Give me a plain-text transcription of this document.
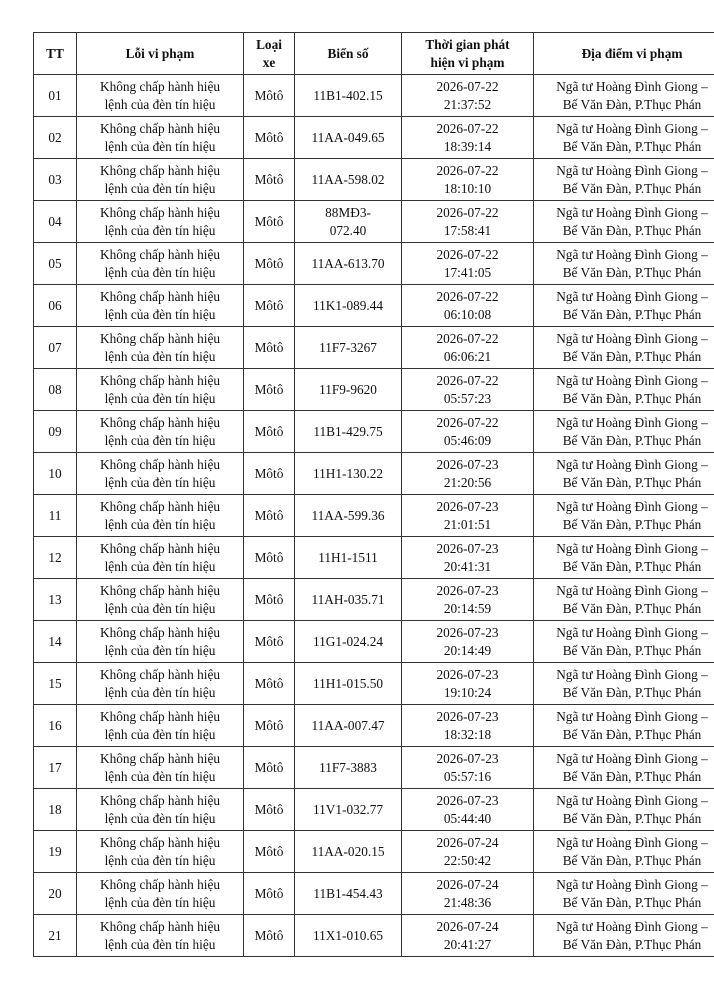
TT	Lỗi vi phạm	Loại
xe	Biển số	Thời gian phát
hiện vi phạm	Địa điểm vi phạm
01	Không chấp hành hiệu
lệnh của đèn tín hiệu	Môtô	11B1-402.15	2026-07-22
21:37:52	Ngã tư Hoàng Đình Giong –
Bế Văn Đàn, P.Thục Phán

02	Không chấp hành hiệu
lệnh của đèn tín hiệu	Môtô	11AA-049.65	2026-07-22
18:39:14	Ngã tư Hoàng Đình Giong –
Bế Văn Đàn, P.Thục Phán

03	Không chấp hành hiệu
lệnh của đèn tín hiệu	Môtô	11AA-598.02	2026-07-22
18:10:10	Ngã tư Hoàng Đình Giong –
Bế Văn Đàn, P.Thục Phán

04	Không chấp hành hiệu
lệnh của đèn tín hiệu	Môtô	88MĐ3-
072.40	2026-07-22
17:58:41	Ngã tư Hoàng Đình Giong –
Bế Văn Đàn, P.Thục Phán

05	Không chấp hành hiệu
lệnh của đèn tín hiệu	Môtô	11AA-613.70	2026-07-22
17:41:05	Ngã tư Hoàng Đình Giong –
Bế Văn Đàn, P.Thục Phán

06	Không chấp hành hiệu
lệnh của đèn tín hiệu	Môtô	11K1-089.44	2026-07-22
06:10:08	Ngã tư Hoàng Đình Giong –
Bế Văn Đàn, P.Thục Phán

07	Không chấp hành hiệu
lệnh của đèn tín hiệu	Môtô	11F7-3267	2026-07-22
06:06:21	Ngã tư Hoàng Đình Giong –
Bế Văn Đàn, P.Thục Phán

08	Không chấp hành hiệu
lệnh của đèn tín hiệu	Môtô	11F9-9620	2026-07-22
05:57:23	Ngã tư Hoàng Đình Giong –
Bế Văn Đàn, P.Thục Phán

09	Không chấp hành hiệu
lệnh của đèn tín hiệu	Môtô	11B1-429.75	2026-07-22
05:46:09	Ngã tư Hoàng Đình Giong –
Bế Văn Đàn, P.Thục Phán

10	Không chấp hành hiệu
lệnh của đèn tín hiệu	Môtô	11H1-130.22	2026-07-23
21:20:56	Ngã tư Hoàng Đình Giong –
Bế Văn Đàn, P.Thục Phán

11	Không chấp hành hiệu
lệnh của đèn tín hiệu	Môtô	11AA-599.36	2026-07-23
21:01:51	Ngã tư Hoàng Đình Giong –
Bế Văn Đàn, P.Thục Phán

12	Không chấp hành hiệu
lệnh của đèn tín hiệu	Môtô	11H1-1511	2026-07-23
20:41:31	Ngã tư Hoàng Đình Giong –
Bế Văn Đàn, P.Thục Phán

13	Không chấp hành hiệu
lệnh của đèn tín hiệu	Môtô	11AH-035.71	2026-07-23
20:14:59	Ngã tư Hoàng Đình Giong –
Bế Văn Đàn, P.Thục Phán

14	Không chấp hành hiệu
lệnh của đèn tín hiệu	Môtô	11G1-024.24	2026-07-23
20:14:49	Ngã tư Hoàng Đình Giong –
Bế Văn Đàn, P.Thục Phán

15	Không chấp hành hiệu
lệnh của đèn tín hiệu	Môtô	11H1-015.50	2026-07-23
19:10:24	Ngã tư Hoàng Đình Giong –
Bế Văn Đàn, P.Thục Phán

16	Không chấp hành hiệu
lệnh của đèn tín hiệu	Môtô	11AA-007.47	2026-07-23
18:32:18	Ngã tư Hoàng Đình Giong –
Bế Văn Đàn, P.Thục Phán

17	Không chấp hành hiệu
lệnh của đèn tín hiệu	Môtô	11F7-3883	2026-07-23
05:57:16	Ngã tư Hoàng Đình Giong –
Bế Văn Đàn, P.Thục Phán

18	Không chấp hành hiệu
lệnh của đèn tín hiệu	Môtô	11V1-032.77	2026-07-23
05:44:40	Ngã tư Hoàng Đình Giong –
Bế Văn Đàn, P.Thục Phán

19	Không chấp hành hiệu
lệnh của đèn tín hiệu	Môtô	11AA-020.15	2026-07-24
22:50:42	Ngã tư Hoàng Đình Giong –
Bế Văn Đàn, P.Thục Phán

20	Không chấp hành hiệu
lệnh của đèn tín hiệu	Môtô	11B1-454.43	2026-07-24
21:48:36	Ngã tư Hoàng Đình Giong –
Bế Văn Đàn, P.Thục Phán

21	Không chấp hành hiệu
lệnh của đèn tín hiệu	Môtô	11X1-010.65	2026-07-24
20:41:27	Ngã tư Hoàng Đình Giong –
Bế Văn Đàn, P.Thục Phán
